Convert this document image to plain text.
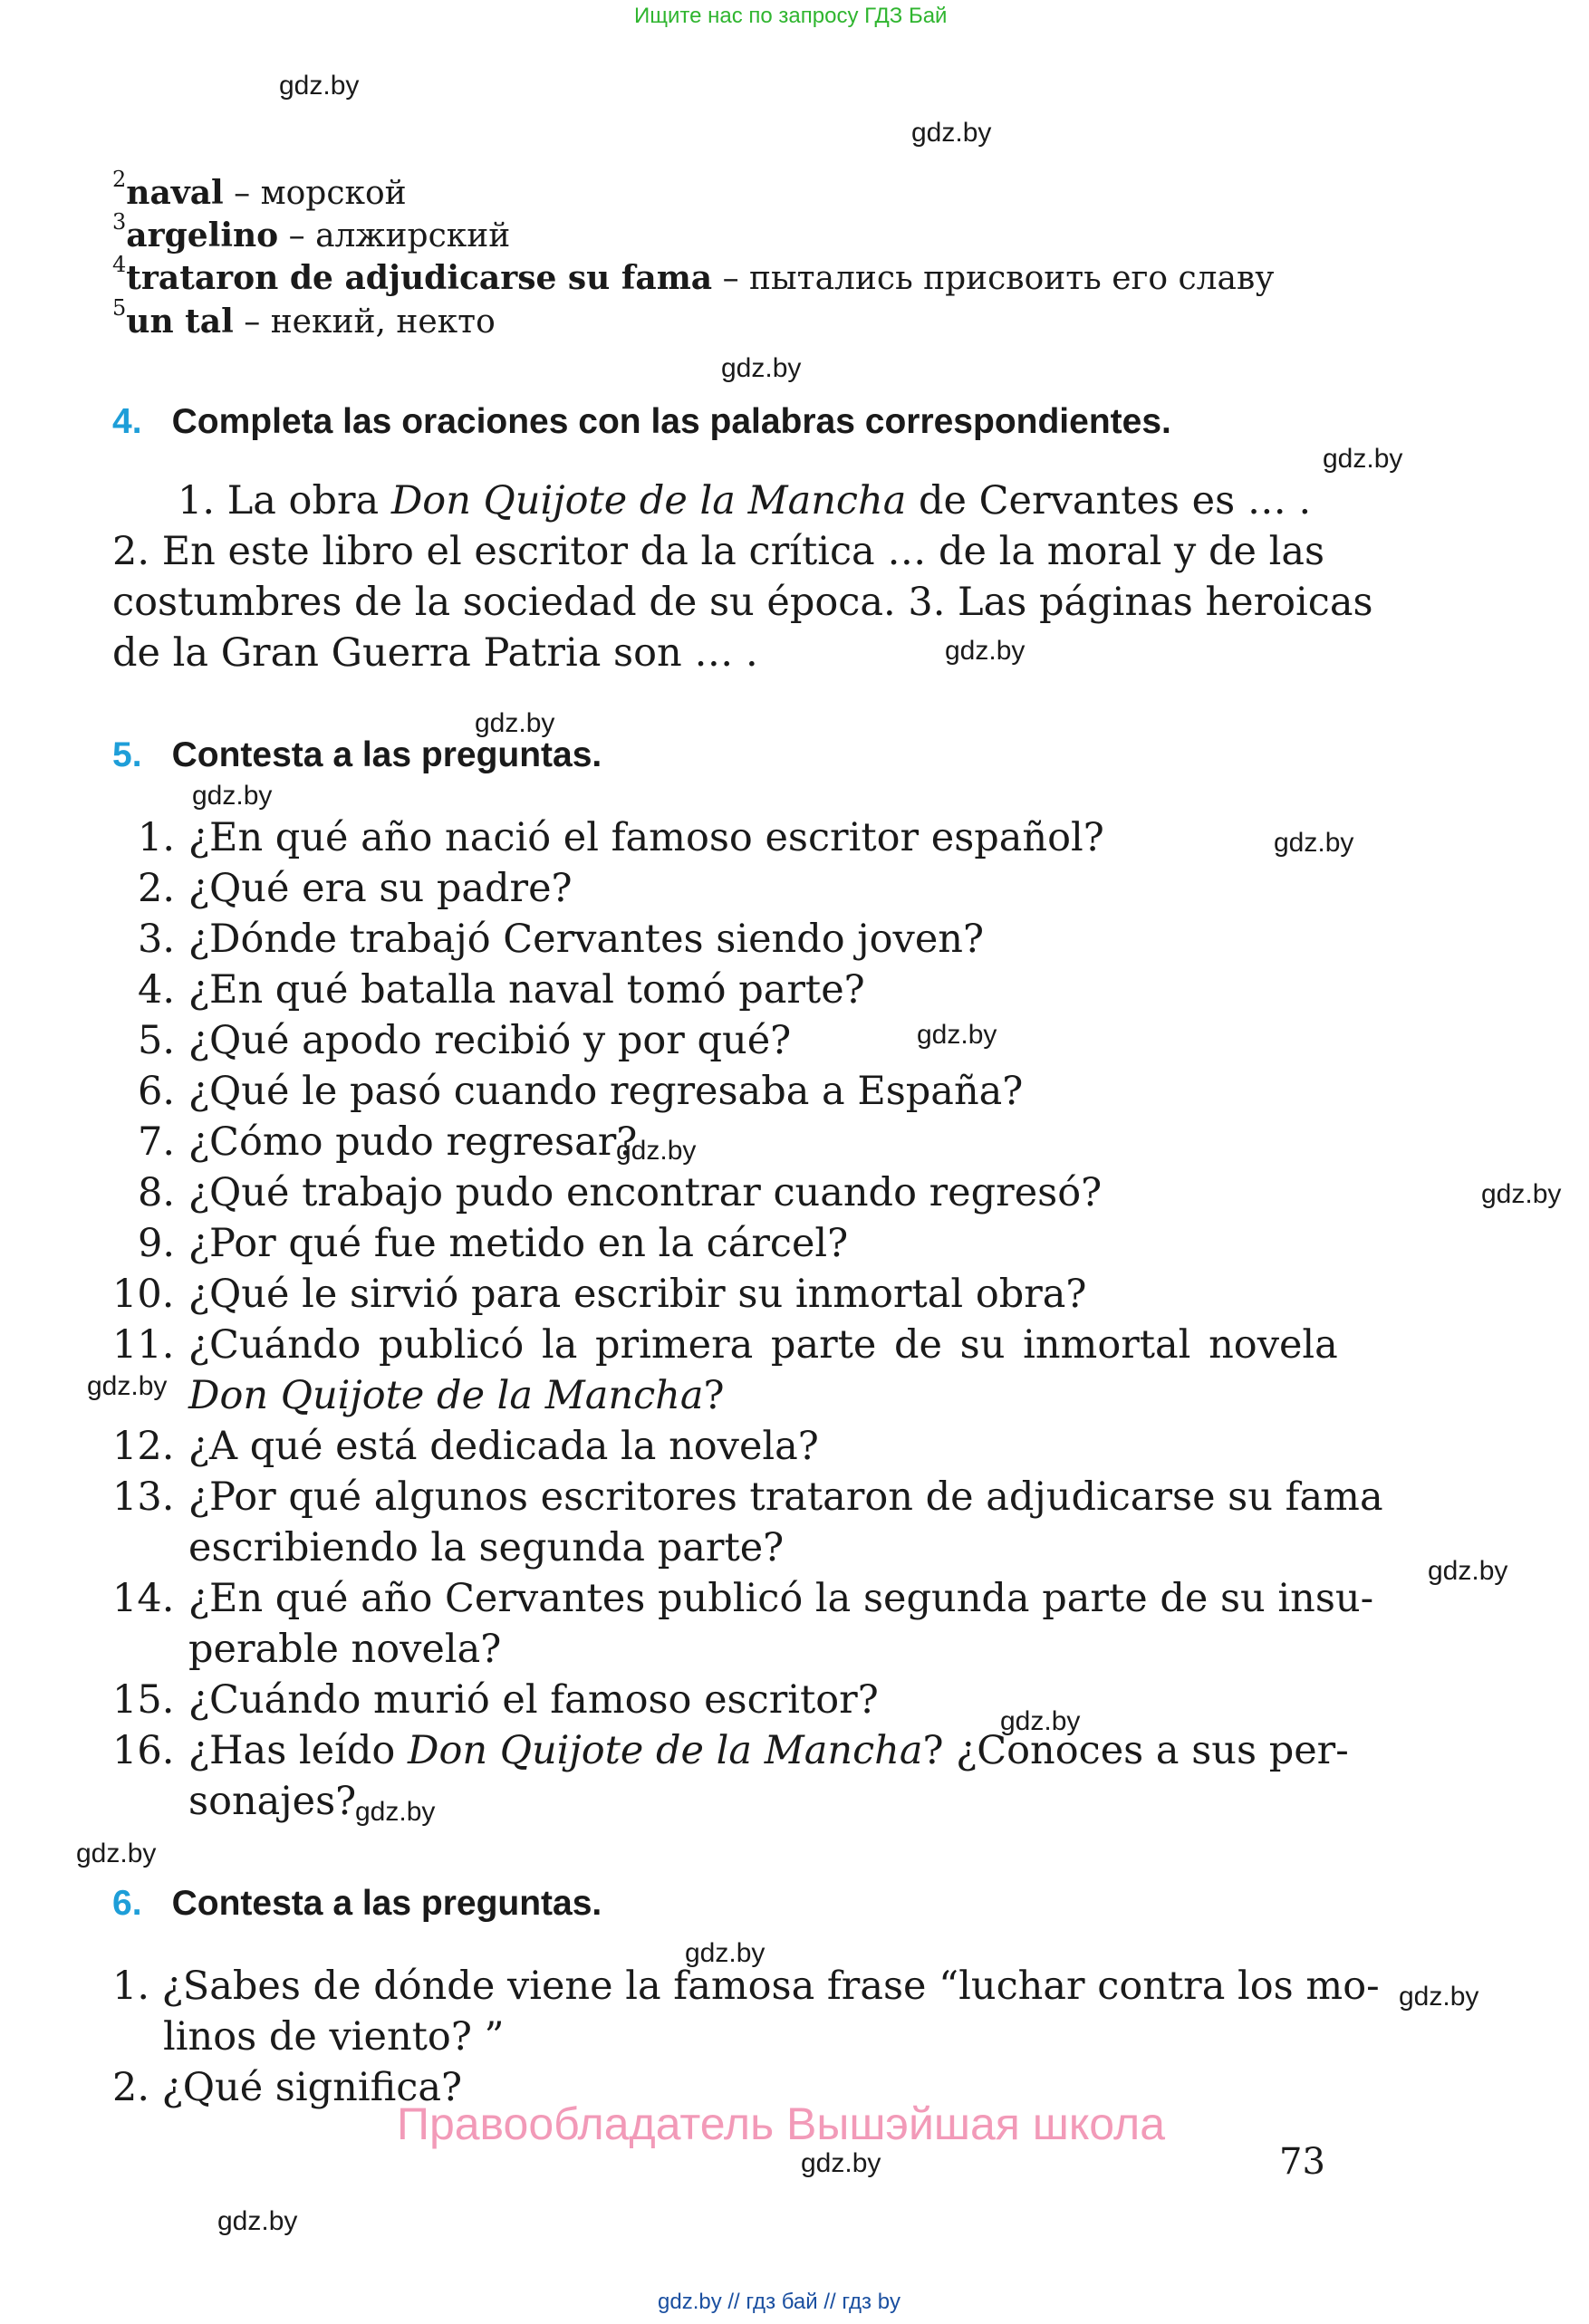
Ищите нас по запросу ГДЗ Бай
gdz.by
gdz.by
gdz.by
gdz.by
gdz.by
gdz.by
gdz.by
gdz.by
gdz.by
gdz.by
gdz.by
gdz.by
gdz.by
gdz.by
gdz.by
gdz.by
gdz.by
gdz.by
gdz.by
gdz.by
$^2$naval – морской
$^3$argelino – алжирский
$^4$trataron de adjudicarse su fama – пытались присвоить его славу
$^5$un tal – некий, некто
4. Completa las oraciones con las palabras correspondientes.
1. La obra Don Quijote de la Mancha de Cervantes es … .
2. En este libro el escritor da la crítica … de la moral y de las
costumbres de la sociedad de su época. 3. Las páginas heroicas
de la Gran Guerra Patria son … .
5. Contesta a las preguntas.
1. ¿En qué año nació el famoso escritor español?
2. ¿Qué era su padre?
3. ¿Dónde trabajó Cervantes siendo joven?
4. ¿En qué batalla naval tomó parte?
5. ¿Qué apodo recibió y por qué?
6. ¿Qué le pasó cuando regresaba a España?
7. ¿Cómo pudo regresar?
8. ¿Qué trabajo pudo encontrar cuando regresó?
9. ¿Por qué fue metido en la cárcel?
10. ¿Qué le sirvió para escribir su inmortal obra?
11. ¿Cuándo publicó la primera parte de su inmortal novela
Don Quijote de la Mancha?
12. ¿A qué está dedicada la novela?
13. ¿Por qué algunos escritores trataron de adjudicarse su fama
escribiendo la segunda parte?
14. ¿En qué año Cervantes publicó la segunda parte de su insu-
perable novela?
15. ¿Cuándo murió el famoso escritor?
16. ¿Has leído Don Quijote de la Mancha? ¿Conoces a sus per-
sonajes?
6. Contesta a las preguntas.
1. ¿Sabes de dónde viene la famosa frase “luchar contra los mo-
linos de viento? ”
2. ¿Qué significa?
Правообладатель Вышэйшая школа
73
gdz.by // гдз бай // гдз by
